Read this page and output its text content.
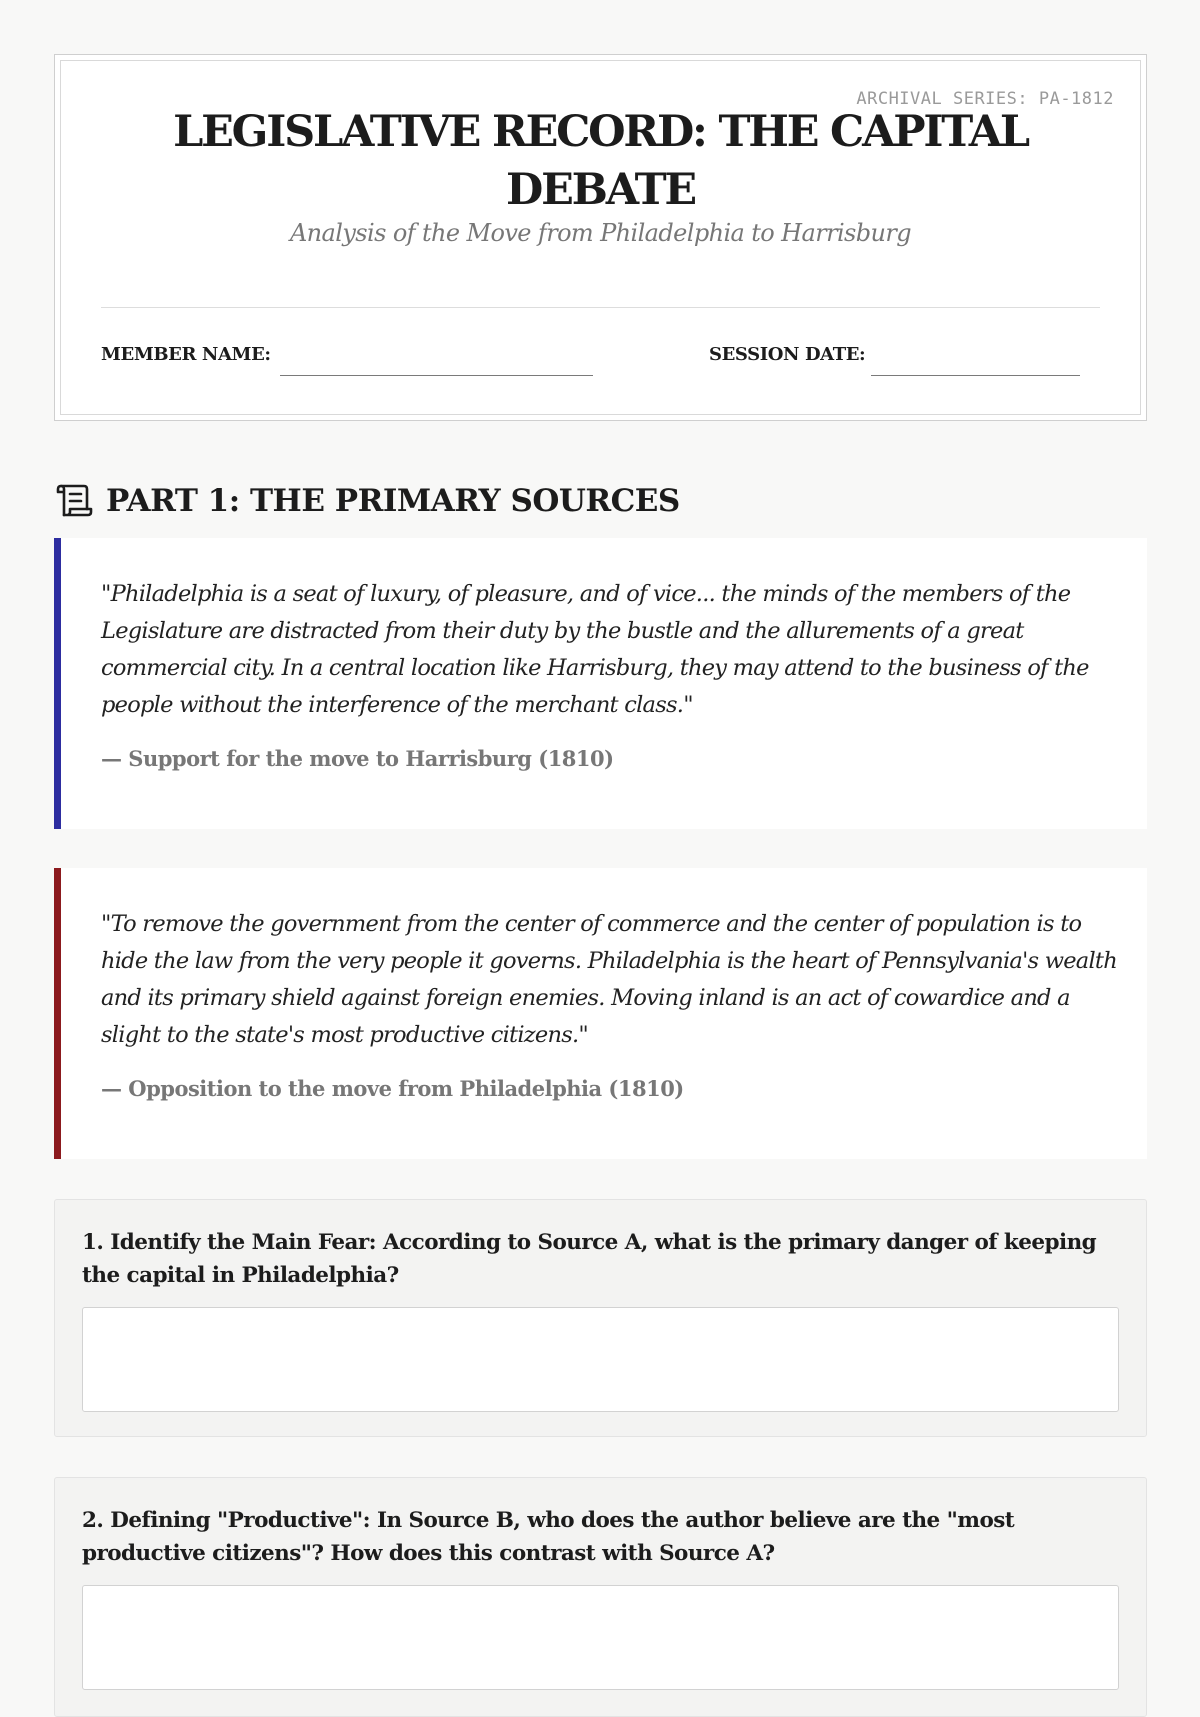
ARCHIVAL SERIES: PA-1812
LEGISLATIVE RECORD: THE CAPITAL DEBATE
Analysis of the Move from Philadelphia to Harrisburg
MEMBER NAME:	SESSION DATE:
PART 1: THE PRIMARY SOURCES
"Philadelphia is a seat of luxury, of pleasure, and of vice... the minds of the members of the Legislature are distracted from their duty by the bustle and the allurements of a great commercial city. In a central location like Harrisburg, they may attend to the business of the people without the interference of the merchant class."
— Support for the move to Harrisburg (1810)
"To remove the government from the center of commerce and the center of population is to hide the law from the very people it governs. Philadelphia is the heart of Pennsylvania's wealth and its primary shield against foreign enemies. Moving inland is an act of cowardice and a slight to the state's most productive citizens."
— Opposition to the move from Philadelphia (1810)
1. Identify the Main Fear: According to Source A, what is the primary danger of keeping the capital in Philadelphia?
2. Defining "Productive": In Source B, who does the author believe are the "most productive citizens"? How does this contrast with Source A?
